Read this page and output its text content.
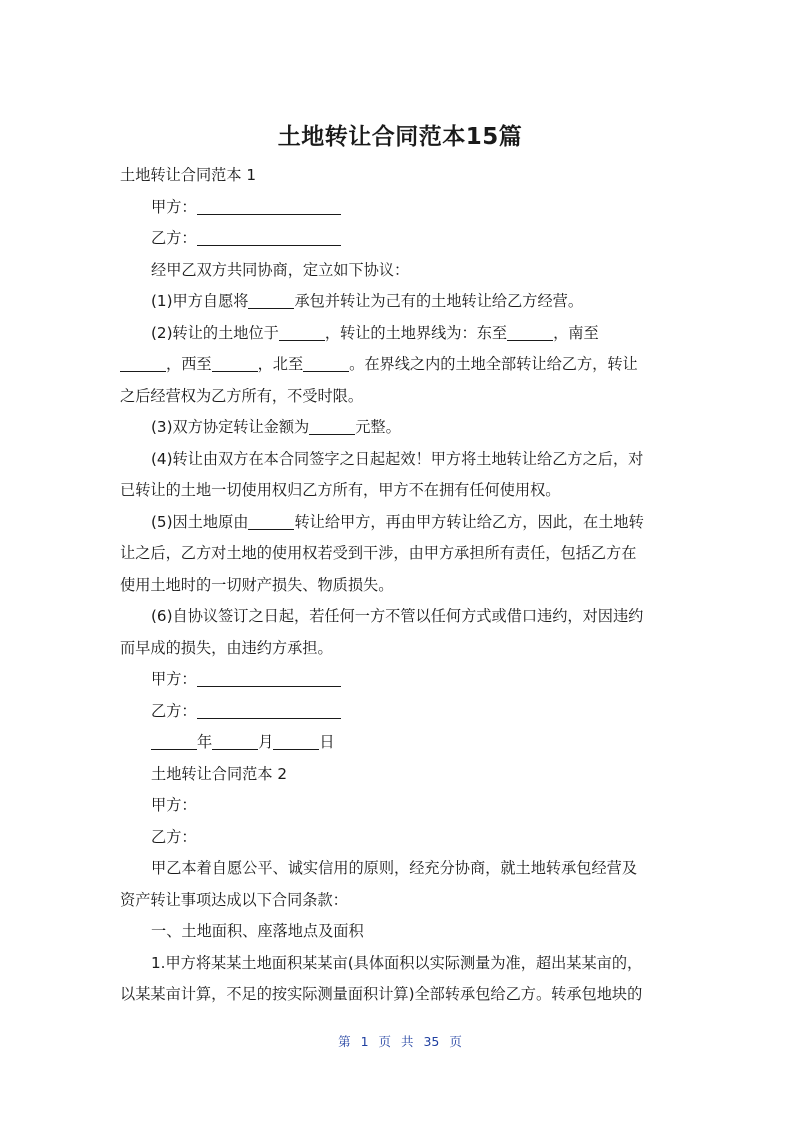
土地转让合同范本15篇

土地转让合同范本 1

甲方：

乙方：

经甲乙双方共同协商，定立如下协议：

(1)甲方自愿将	承包并转让为己有的土地转让给乙方经营。

(2)转让的土地位于	，转让的土地界线为：东至	，南至

，西至	，北至	。在界线之内的土地全部转让给乙方，转让

之后经营权为乙方所有，不受时限。

(3)双方协定转让金额为	元整。

(4)转让由双方在本合同签字之日起起效！甲方将土地转让给乙方之后，对

已转让的土地一切使用权归乙方所有，甲方不在拥有任何使用权。

(5)因土地原由	转让给甲方，再由甲方转让给乙方，因此，在土地转

让之后，乙方对土地的使用权若受到干涉，由甲方承担所有责任，包括乙方在

使用土地时的一切财产损失、物质损失。

(6)自协议签订之日起，若任何一方不管以任何方式或借口违约，对因违约

而早成的损失，由违约方承担。

甲方：

乙方：

年	月	日

土地转让合同范本 2

甲方：

乙方：

甲乙本着自愿公平、诚实信用的原则，经充分协商，就土地转承包经营及

资产转让事项达成以下合同条款：

一、土地面积、座落地点及面积

1.甲方将某某土地面积某某亩(具体面积以实际测量为准，超出某某亩的，

以某某亩计算，不足的按实际测量面积计算)全部转承包给乙方。转承包地块的

第 1 页 共 35 页
